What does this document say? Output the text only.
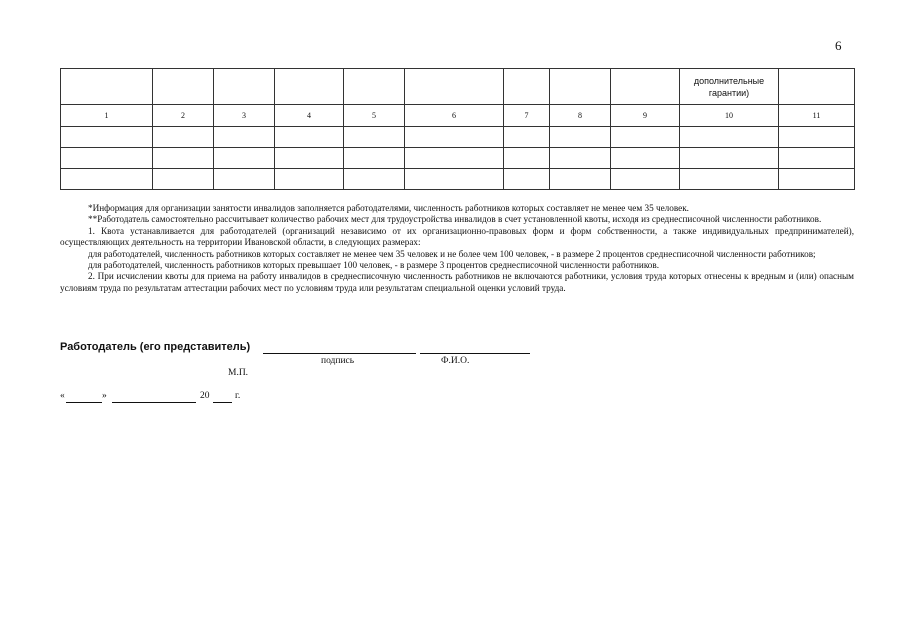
6
									дополнительные гарантии)	
1	2	3	4	5	6	7	8	9	10	11

*Информация для организации занятости инвалидов заполняется работодателями, численность работников которых составляет не менее чем 35 человек.

**Работодатель самостоятельно рассчитывает количество рабочих мест для трудоустройства инвалидов в счет установленной квоты, исходя из среднесписочной численности работников.

1. Квота устанавливается для работодателей (организаций независимо от их организационно-правовых форм и форм собственности, а также индивидуальных предпринимателей), осуществляющих деятельность на территории Ивановской области, в следующих размерах:

для работодателей, численность работников которых составляет не менее чем 35 человек и не более чем 100 человек, - в размере 2 процентов среднесписочной численности работников;

для работодателей, численность работников которых превышает 100 человек, - в размере 3 процентов среднесписочной численности работников.

2. При исчислении квоты для приема на работу инвалидов в среднесписочную численность работников не включаются работники, условия труда которых отнесены к вредным и (или) опасным условиям труда по результатам аттестации рабочих мест по условиям труда или результатам специальной оценки условий труда.

Работодатель (его представитель)
подпись	Ф.И.О.
М.П.
«	»	20	г.
